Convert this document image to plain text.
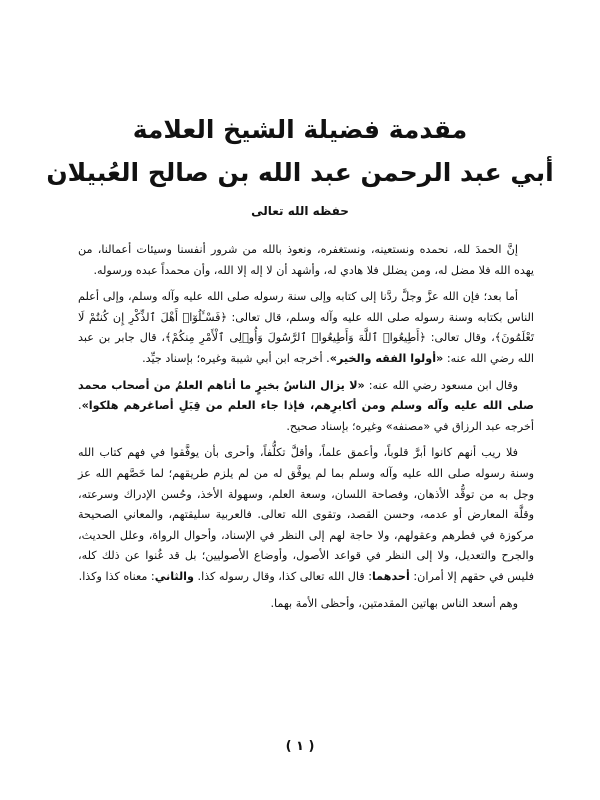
مقدمة فضيلة الشيخ العلامة
أبي عبد الرحمن عبد الله بن صالح العُبيلان
حفظه الله تعالى

إنَّ الحمدَ لله، نحمده ونستعينه، ونستغفره، ونعوذ بالله من شرور أنفسنا وسيئات أعمالنا، من يهده الله فلا مضل له، ومن يضلل فلا هادي له، وأشهد أن لا إله إلا الله، وأن محمداً عبده ورسوله.

أما بعد؛ فإن الله عزَّ وجلَّ ردَّنا إلى كتابه وإلى سنة رسوله صلى الله عليه وآله وسلم، وإلى أعلم الناس بكتابه وسنة رسوله صلى الله عليه وآله وسلم، قال تعالى: ﴿فَسْـَٔلُوٓا۟ أَهْلَ ٱلذِّكْرِ إِن كُنتُمْ لَا تَعْلَمُونَ﴾، وقال تعالى: ﴿أَطِيعُوا۟ ٱللَّهَ وَأَطِيعُوا۟ ٱلرَّسُولَ وَأُو۟لِى ٱلْأَمْرِ مِنكُمْ﴾، قال جابر بن عبد الله رضي الله عنه: «أولوا الفقه والخير». أخرجه ابن أبي شيبة وغيره؛ بإسناد جيِّد.

وقال ابن مسعود رضي الله عنه: «لا يزال الناسُ بخيرٍ ما أتاهم العلمُ من أصحاب محمد صلى الله عليه وآله وسلم ومن أكابرِهم، فإذا جاء العلم من قِبَلِ أصاغرهم هلكوا». أخرجه عبد الرزاق في «مصنفه» وغيره؛ بإسناد صحيح.

فلا ريب أنهم كانوا أبرَّ قلوباً، وأعمق علماً، وأقلَّ تكلُّفاً، وأحرى بأن يوفَّقوا في فهم كتاب الله وسنة رسوله صلى الله عليه وآله وسلم بما لم يوفَّق له من لم يلزم طريقهم؛ لما خَصَّهم الله عز وجل به من توقُّد الأذهان، وفصاحة اللسان، وسعة العلم، وسهولة الأخذ، وحُسن الإدراك وسرعته، وقلَّة المعارض أو عدمه، وحسن القصد، وتقوى الله تعالى. فالعربية سليقتهم، والمعاني الصحيحة مركوزة في فطرهم وعقولهم، ولا حاجة لهم إلى النظر في الإسناد، وأحوال الرواة، وعلل الحديث، والجرح والتعديل، ولا إلى النظر في قواعد الأصول، وأوضاع الأصوليين؛ بل قد غُنوا عن ذلك كله، فليس في حقهم إلا أمران: أحدهما: قال الله تعالى كذا، وقال رسوله كذا. والثاني: معناه كذا وكذا.

وهم أسعد الناس بهاتين المقدمتين، وأحظى الأمة بهما.

( ١ )
